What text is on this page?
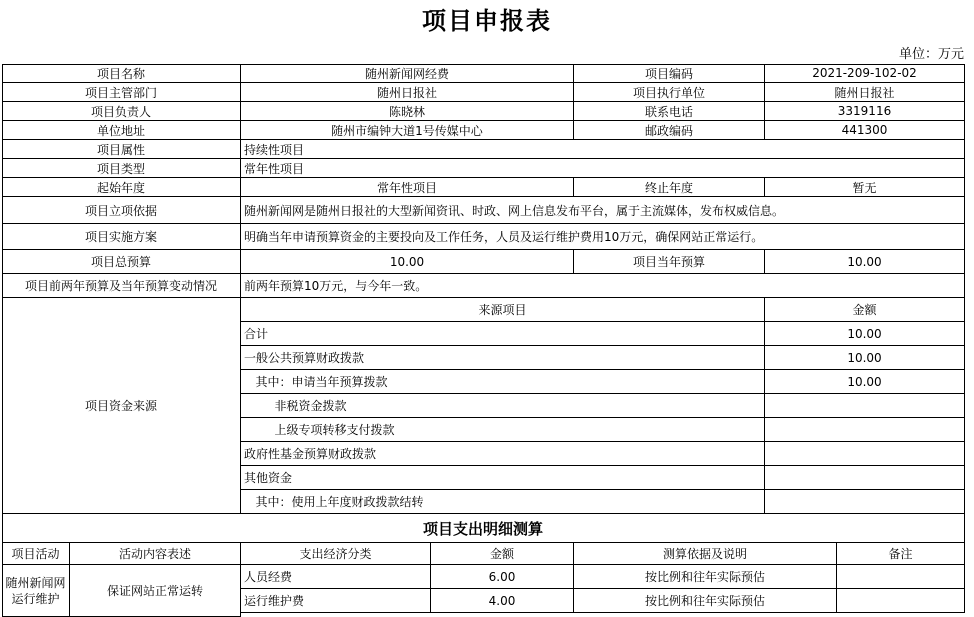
项目申报表
单位：万元
项目名称	随州新闻网经费	项目编码	2021-209-102-02
项目主管部门	随州日报社	项目执行单位	随州日报社
项目负责人	陈晓林	联系电话	3319116
单位地址	随州市编钟大道1号传媒中心	邮政编码	441300
项目属性	持续性项目
项目类型	常年性项目
起始年度	常年性项目	终止年度	暂无
项目立项依据	随州新闻网是随州日报社的大型新闻资讯、时政、网上信息发布平台，属于主流媒体，发布权威信息。
项目实施方案	明确当年申请预算资金的主要投向及工作任务，人员及运行维护费用10万元，确保网站正常运行。
项目总预算	10.00	项目当年预算	10.00
项目前两年预算及当年预算变动情况	前两年预算10万元，与今年一致。
项目资金来源
来源项目	金额
合计	10.00
一般公共预算财政拨款	10.00
其中：申请当年预算拨款	10.00
非税资金拨款
上级专项转移支付拨款
政府性基金预算财政拨款
其他资金
其中：使用上年度财政拨款结转
项目支出明细测算
项目活动	活动内容表述	支出经济分类	金额	测算依据及说明	备注
随州新闻网运行维护
保证网站正常运转
人员经费	6.00	按比例和往年实际预估
运行维护费	4.00	按比例和往年实际预估
